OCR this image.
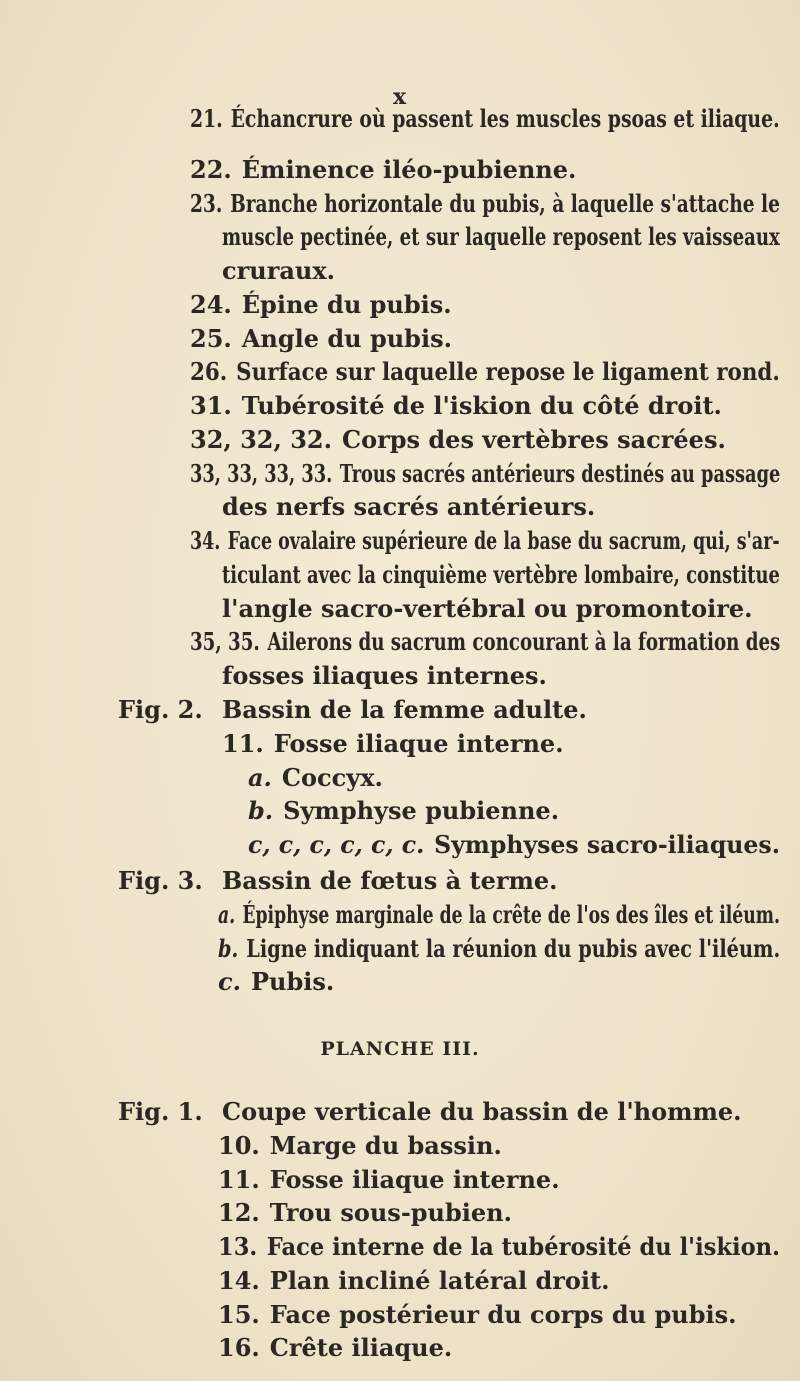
x
21. Échancrure où passent les muscles psoas et iliaque.
22. Éminence iléo-pubienne.
23. Branche horizontale du pubis, à laquelle s'attache le
muscle pectinée, et sur laquelle reposent les vaisseaux
cruraux.
24. Épine du pubis.
25. Angle du pubis.
26. Surface sur laquelle repose le ligament rond.
31. Tubérosité de l'iskion du côté droit.
32, 32, 32. Corps des vertèbres sacrées.
33, 33, 33, 33. Trous sacrés antérieurs destinés au passage
des nerfs sacrés antérieurs.
34. Face ovalaire supérieure de la base du sacrum, qui, s'ar-
ticulant avec la cinquième vertèbre lombaire, constitue
l'angle sacro-vertébral ou promontoire.
35, 35. Ailerons du sacrum concourant à la formation des
fosses iliaques internes.
Fig. 2. Bassin de la femme adulte.
11. Fosse iliaque interne.
a. Coccyx.
b. Symphyse pubienne.
c, c, c, c, c, c. Symphyses sacro-iliaques.
Fig. 3. Bassin de fœtus à terme.
a. Épiphyse marginale de la crête de l'os des îles et iléum.
b. Ligne indiquant la réunion du pubis avec l'iléum.
c. Pubis.
PLANCHE III.
Fig. 1. Coupe verticale du bassin de l'homme.
10. Marge du bassin.
11. Fosse iliaque interne.
12. Trou sous-pubien.
13. Face interne de la tubérosité du l'iskion.
14. Plan incliné latéral droit.
15. Face postérieur du corps du pubis.
16. Crête iliaque.
